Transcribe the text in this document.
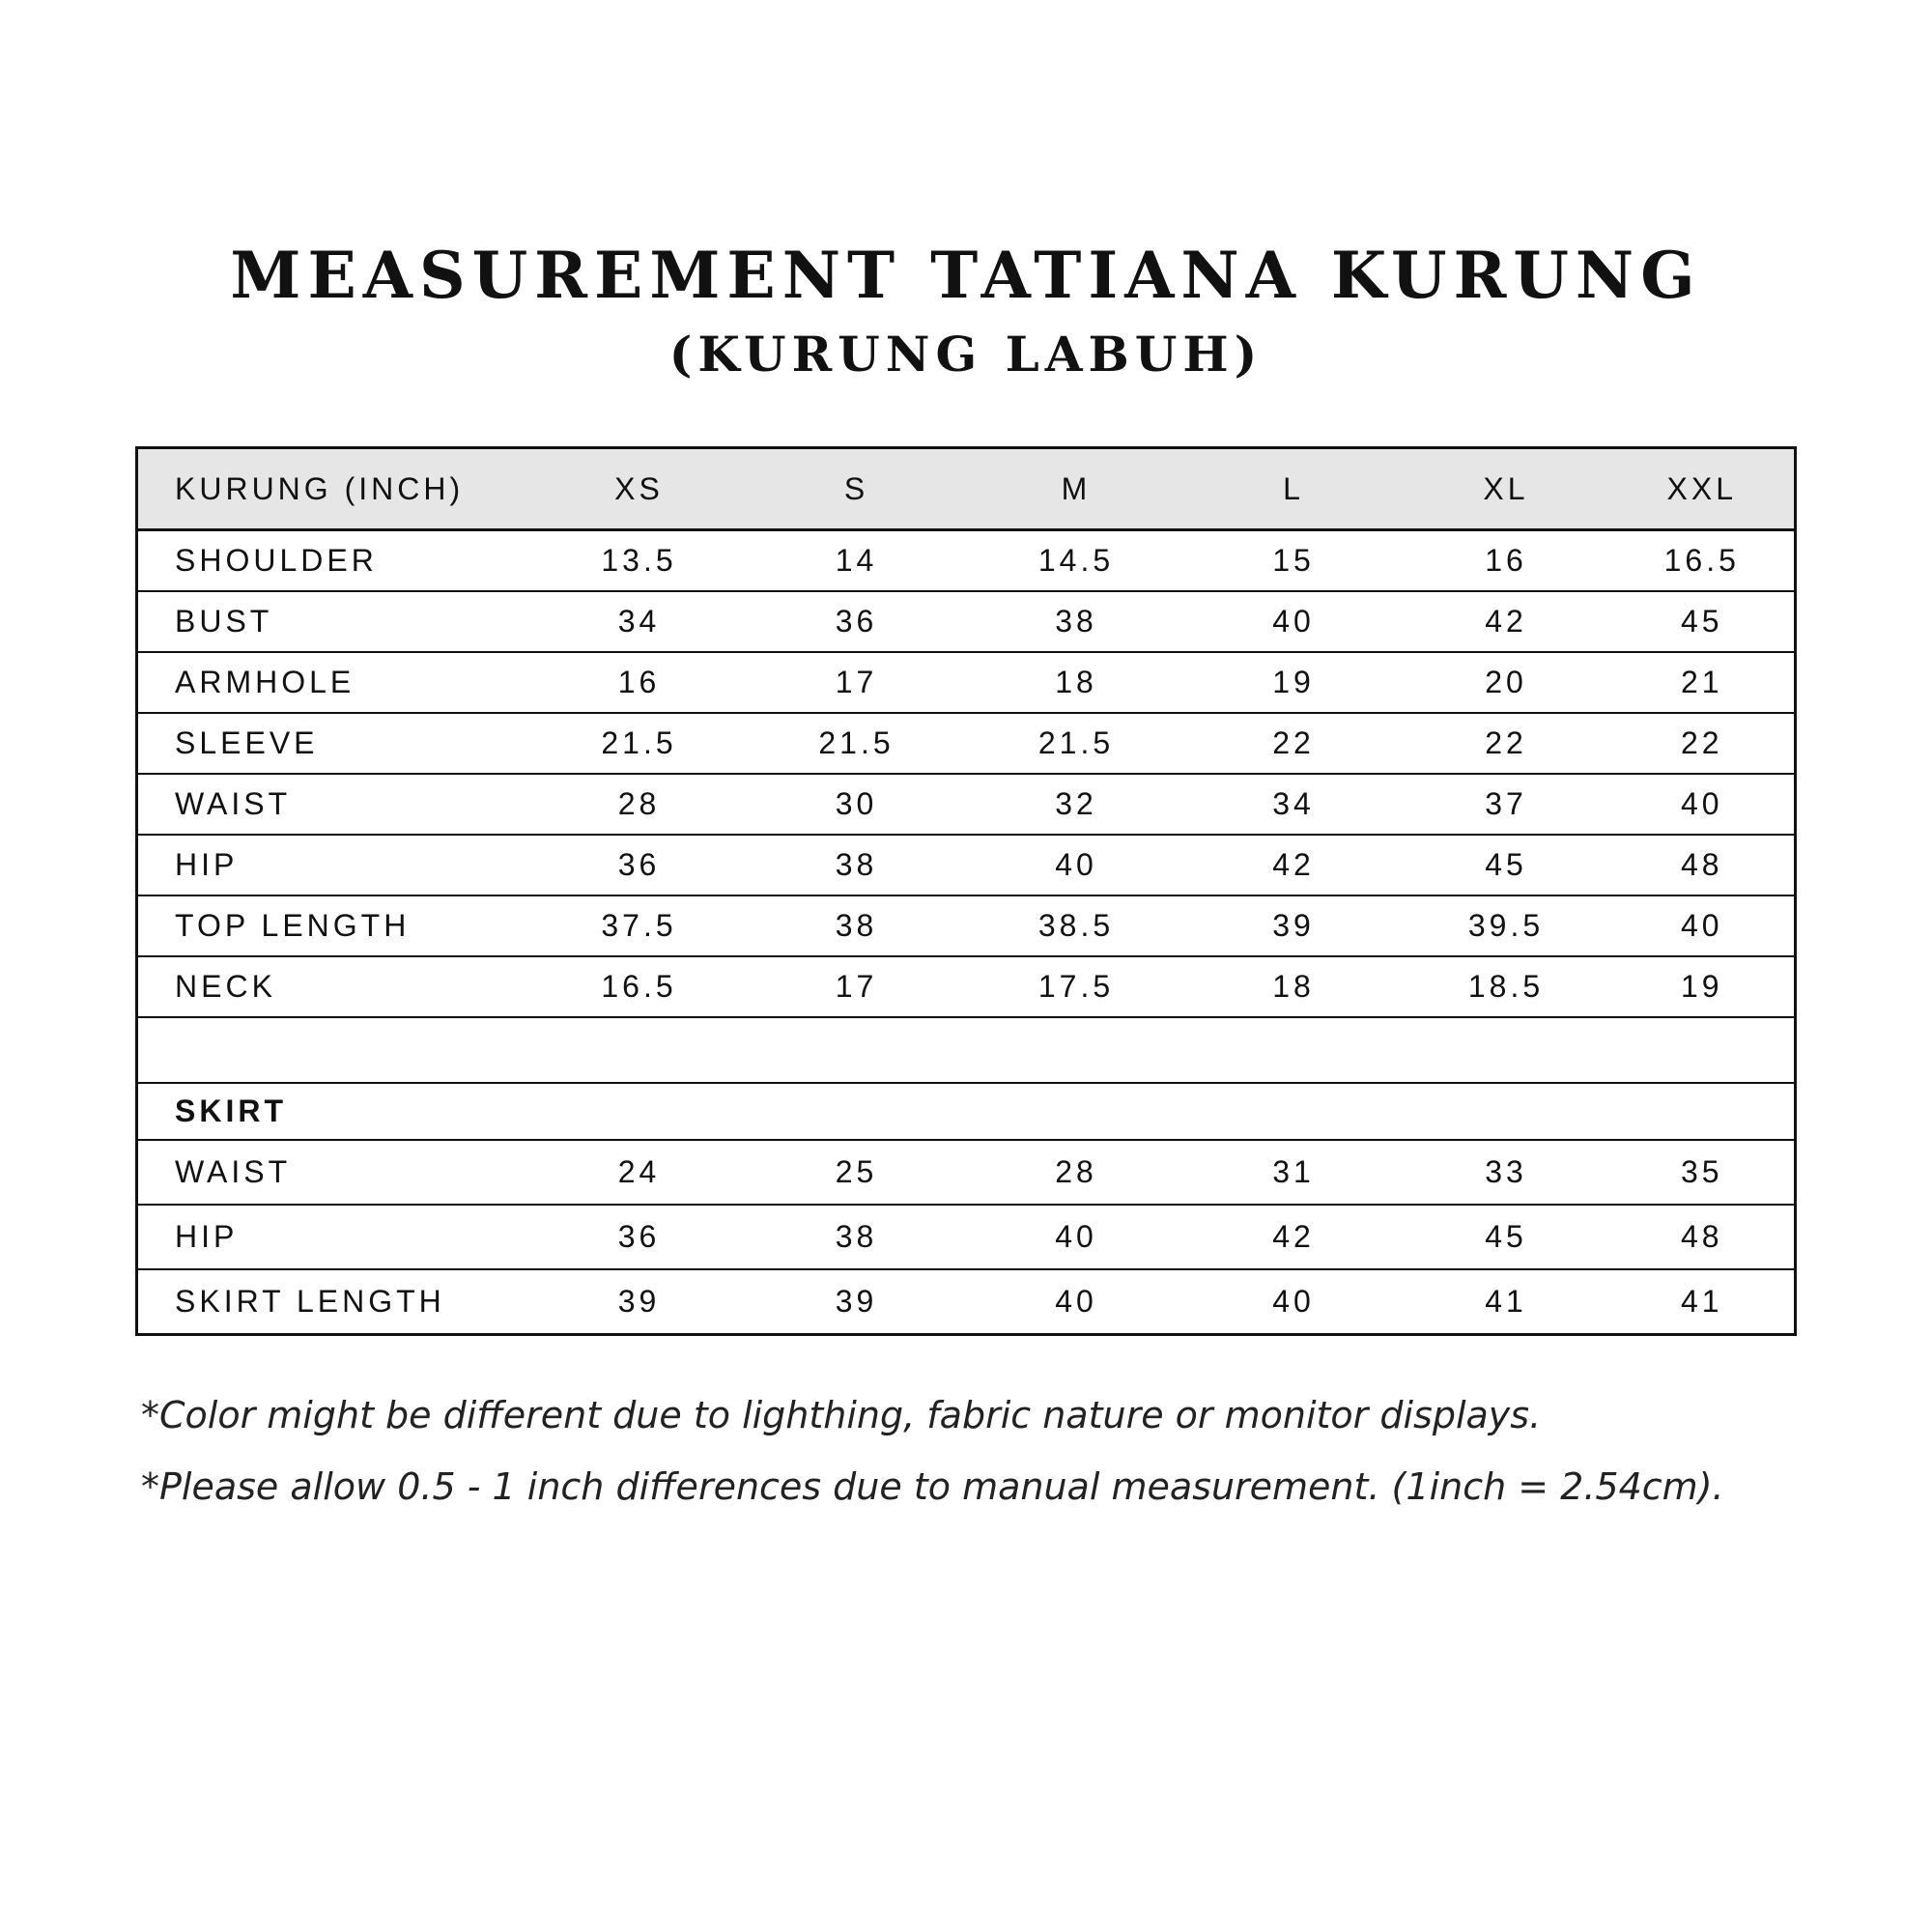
MEASUREMENT TATIANA KURUNG
(KURUNG LABUH)
KURUNG (INCH)	XS	S	M	L	XL	XXL
SHOULDER	13.5	14	14.5	15	16	16.5
BUST	34	36	38	40	42	45
ARMHOLE	16	17	18	19	20	21
SLEEVE	21.5	21.5	21.5	22	22	22
WAIST	28	30	32	34	37	40
HIP	36	38	40	42	45	48
TOP LENGTH	37.5	38	38.5	39	39.5	40
NECK	16.5	17	17.5	18	18.5	19

SKIRT						
WAIST	24	25	28	31	33	35
HIP	36	38	40	42	45	48
SKIRT LENGTH	39	39	40	40	41	41
*Color might be different due to lighthing, fabric nature or monitor displays.
*Please allow 0.5 - 1 inch differences due to manual measurement. (1inch = 2.54cm).
